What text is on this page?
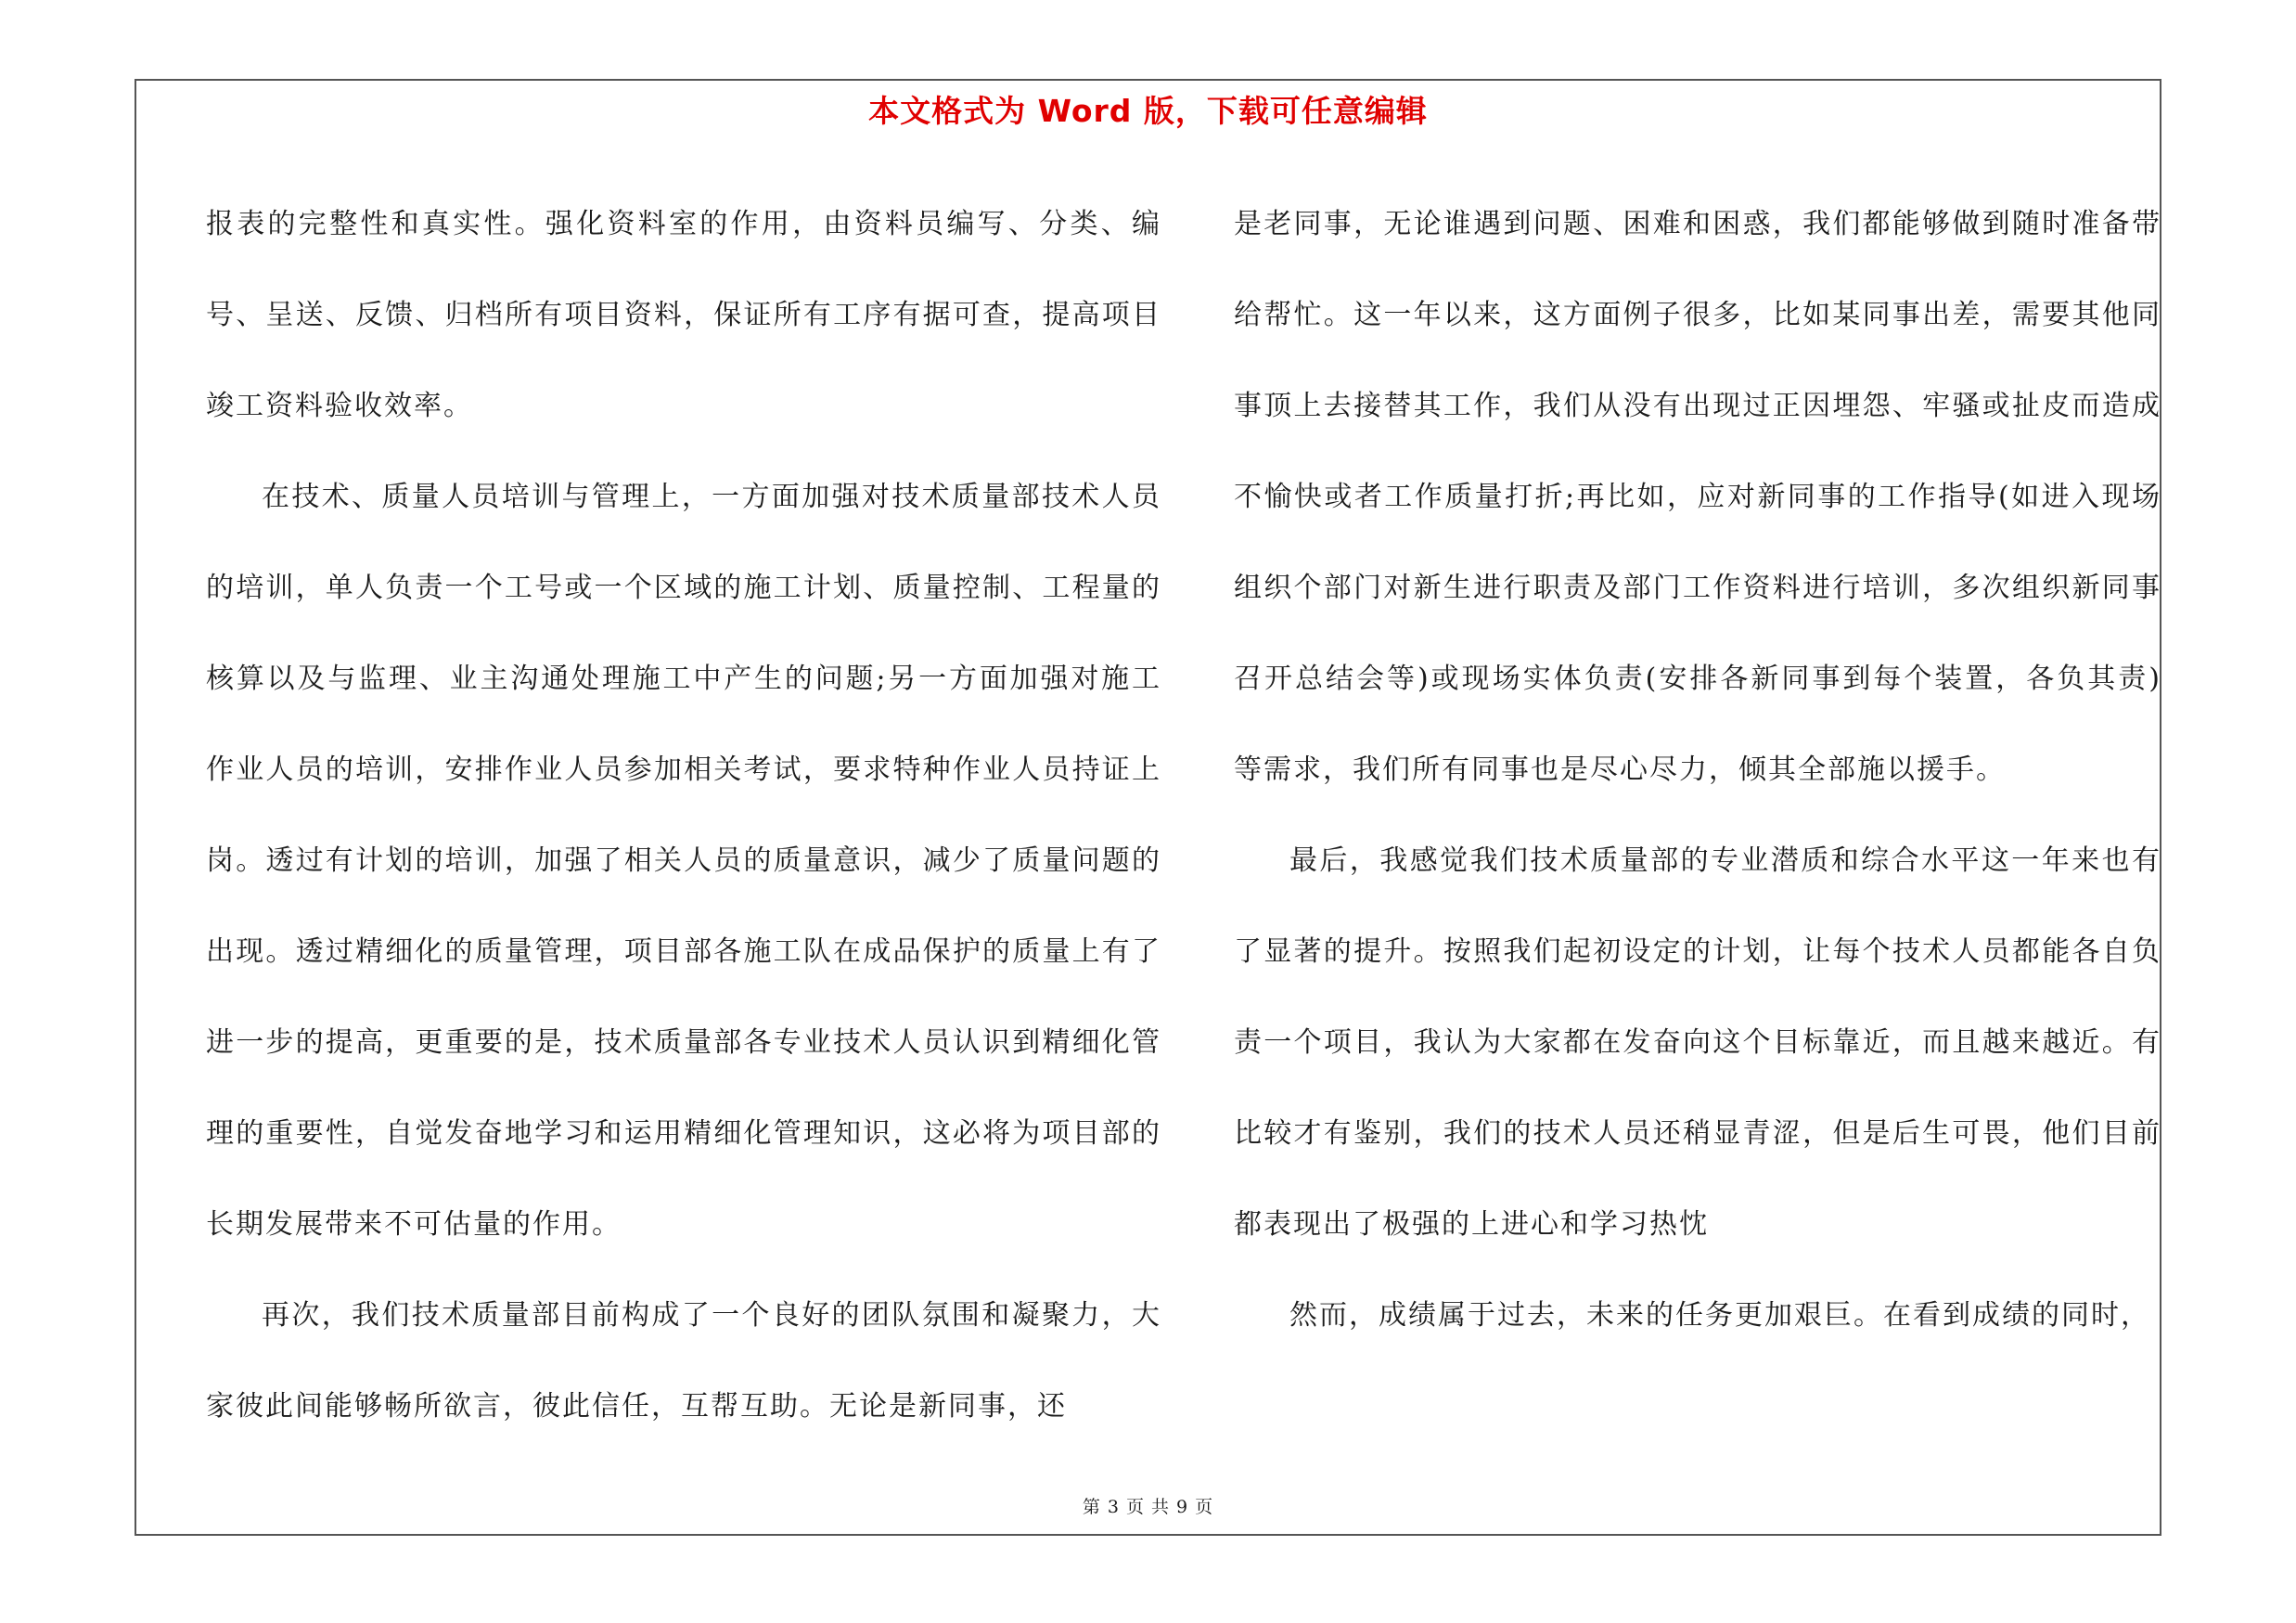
本文格式为 Word 版，下载可任意编辑

报表的完整性和真实性。强化资料室的作用，由资料员编写、分类、编号、呈送、反馈、归档所有项目资料，保证所有工序有据可查，提高项目竣工资料验收效率。

在技术、质量人员培训与管理上，一方面加强对技术质量部技术人员的培训，单人负责一个工号或一个区域的施工计划、质量控制、工程量的核算以及与监理、业主沟通处理施工中产生的问题;另一方面加强对施工作业人员的培训，安排作业人员参加相关考试，要求特种作业人员持证上岗。透过有计划的培训，加强了相关人员的质量意识，减少了质量问题的出现。透过精细化的质量管理，项目部各施工队在成品保护的质量上有了进一步的提高，更重要的是，技术质量部各专业技术人员认识到精细化管理的重要性，自觉发奋地学习和运用精细化管理知识，这必将为项目部的长期发展带来不可估量的作用。

再次，我们技术质量部目前构成了一个良好的团队氛围和凝聚力，大家彼此间能够畅所欲言，彼此信任，互帮互助。无论是新同事，还

是老同事，无论谁遇到问题、困难和困惑，我们都能够做到随时准备带给帮忙。这一年以来，这方面例子很多，比如某同事出差，需要其他同事顶上去接替其工作，我们从没有出现过正因埋怨、牢骚或扯皮而造成不愉快或者工作质量打折;再比如，应对新同事的工作指导(如进入现场组织个部门对新生进行职责及部门工作资料进行培训，多次组织新同事召开总结会等)或现场实体负责(安排各新同事到每个装置，各负其责)等需求，我们所有同事也是尽心尽力，倾其全部施以援手。

最后，我感觉我们技术质量部的专业潜质和综合水平这一年来也有了显著的提升。按照我们起初设定的计划，让每个技术人员都能各自负责一个项目，我认为大家都在发奋向这个目标靠近，而且越来越近。有比较才有鉴别，我们的技术人员还稍显青涩，但是后生可畏，他们目前都表现出了极强的上进心和学习热忱

然而，成绩属于过去，未来的任务更加艰巨。在看到成绩的同时，

第 3 页 共 9 页
